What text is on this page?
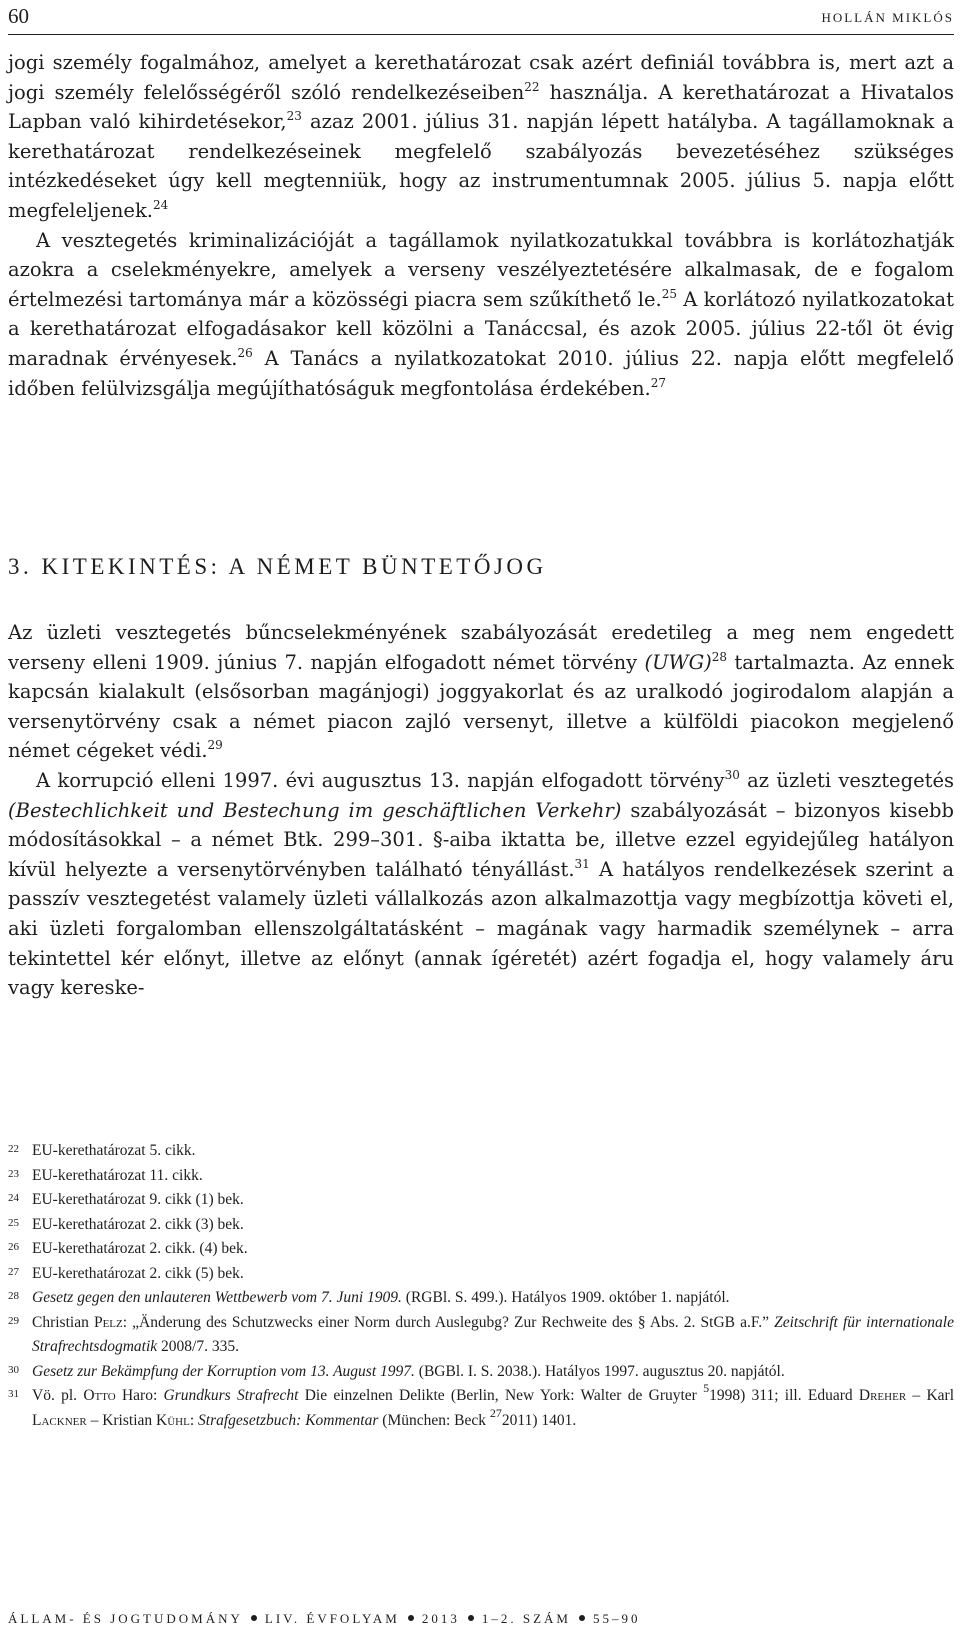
60	HOLLÁN MIKLÓS

jogi személy fogalmához, amelyet a kerethatározat csak azért definiál továbbra is, mert azt a jogi személy felelősségéről szóló rendelkezéseiben$^{22}$ használja. A kerethatározat a Hivatalos Lapban való kihirdetésekor,$^{23}$ azaz 2001. július 31. napján lépett hatályba. A tagállamoknak a kerethatározat rendelkezéseinek megfelelő szabályozás bevezetéséhez szükséges intézkedéseket úgy kell megtenniük, hogy az instrumentumnak 2005. július 5. napja előtt megfeleljenek.$^{24}$

A vesztegetés kriminalizációját a tagállamok nyilatkozatukkal továbbra is korlátozhatják azokra a cselekményekre, amelyek a verseny veszélyeztetésére alkalmasak, de e fogalom értelmezési tartománya már a közösségi piacra sem szűkíthető le.$^{25}$ A korlátozó nyilatkozatokat a kerethatározat elfogadásakor kell közölni a Tanáccsal, és azok 2005. július 22-től öt évig maradnak érvényesek.$^{26}$ A Tanács a nyilatkozatokat 2010. július 22. napja előtt megfelelő időben felülvizsgálja megújíthatóságuk megfontolása érdekében.$^{27}$

3. KITEKINTÉS: A NÉMET BÜNTETŐJOG

Az üzleti vesztegetés bűncselekményének szabályozását eredetileg a meg nem engedett verseny elleni 1909. június 7. napján elfogadott német törvény (UWG)$^{28}$ tartalmazta. Az ennek kapcsán kialakult (elsősorban magánjogi) joggyakorlat és az uralkodó jogirodalom alapján a versenytörvény csak a német piacon zajló versenyt, illetve a külföldi piacokon megjelenő német cégeket védi.$^{29}$

A korrupció elleni 1997. évi augusztus 13. napján elfogadott törvény$^{30}$ az üzleti vesztegetés (Bestechlichkeit und Bestechung im geschäftlichen Verkehr) szabályozását – bizonyos kisebb módosításokkal – a német Btk. 299–301. §-aiba iktatta be, illetve ezzel egyidejűleg hatályon kívül helyezte a versenytörvényben található tényállást.$^{31}$ A hatályos rendelkezések szerint a passzív vesztegetést valamely üzleti vállalkozás azon alkalmazottja vagy megbízottja követi el, aki üzleti forgalomban ellenszolgáltatásként – magának vagy harmadik személynek – arra tekintettel kér előnyt, illetve az előnyt (annak ígéretét) azért fogadja el, hogy valamely áru vagy kereske-

22 EU-kerethatározat 5. cikk.
23 EU-kerethatározat 11. cikk.
24 EU-kerethatározat 9. cikk (1) bek.
25 EU-kerethatározat 2. cikk (3) bek.
26 EU-kerethatározat 2. cikk. (4) bek.
27 EU-kerethatározat 2. cikk (5) bek.
28 Gesetz gegen den unlauteren Wettbewerb vom 7. Juni 1909. (RGBl. S. 499.). Hatályos 1909. október 1. napjától.
29 Christian Pelz: „Änderung des Schutzwecks einer Norm durch Auslegubg? Zur Rechweite des § Abs. 2. StGB a.F.” Zeitschrift für internationale Strafrechtsdogmatik 2008/7. 335.
30 Gesetz zur Bekämpfung der Korruption vom 13. August 1997. (BGBl. I. S. 2038.). Hatályos 1997. augusztus 20. napjától.
31 Vö. pl. Otto Haro: Grundkurs Strafrecht Die einzelnen Delikte (Berlin, New York: Walter de Gruyter $^5$1998) 311; ill. Eduard Dreher – Karl Lackner – Kristian Kühl: Strafgesetzbuch: Kommentar (München: Beck $^{27}$2011) 1401.
ÁLLAM- ÉS JOGTUDOMÁNY LIV. ÉVFOLYAM 2013 1–2. SZÁM 55–90
